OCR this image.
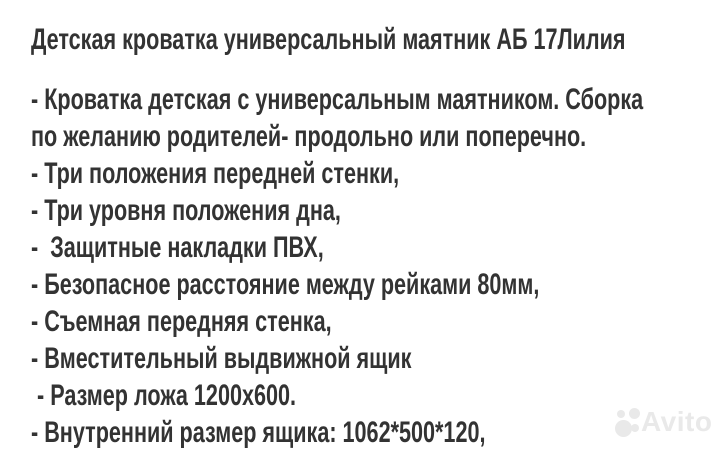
Детская кроватка универсальный маятник АБ 17Лилия
- Кроватка детская с универсальным маятником. Сборка
по желанию родителей- продольно или поперечно.
- Три положения передней стенки,
- Три уровня положения дна,
-  Защитные накладки ПВХ,
- Безопасное расстояние между рейками 80мм,
- Съемная передняя стенка,
- Вместительный выдвижной ящик
- Размер ложа 1200х600.
- Внутренний размер ящика: 1062*500*120,	Avito
